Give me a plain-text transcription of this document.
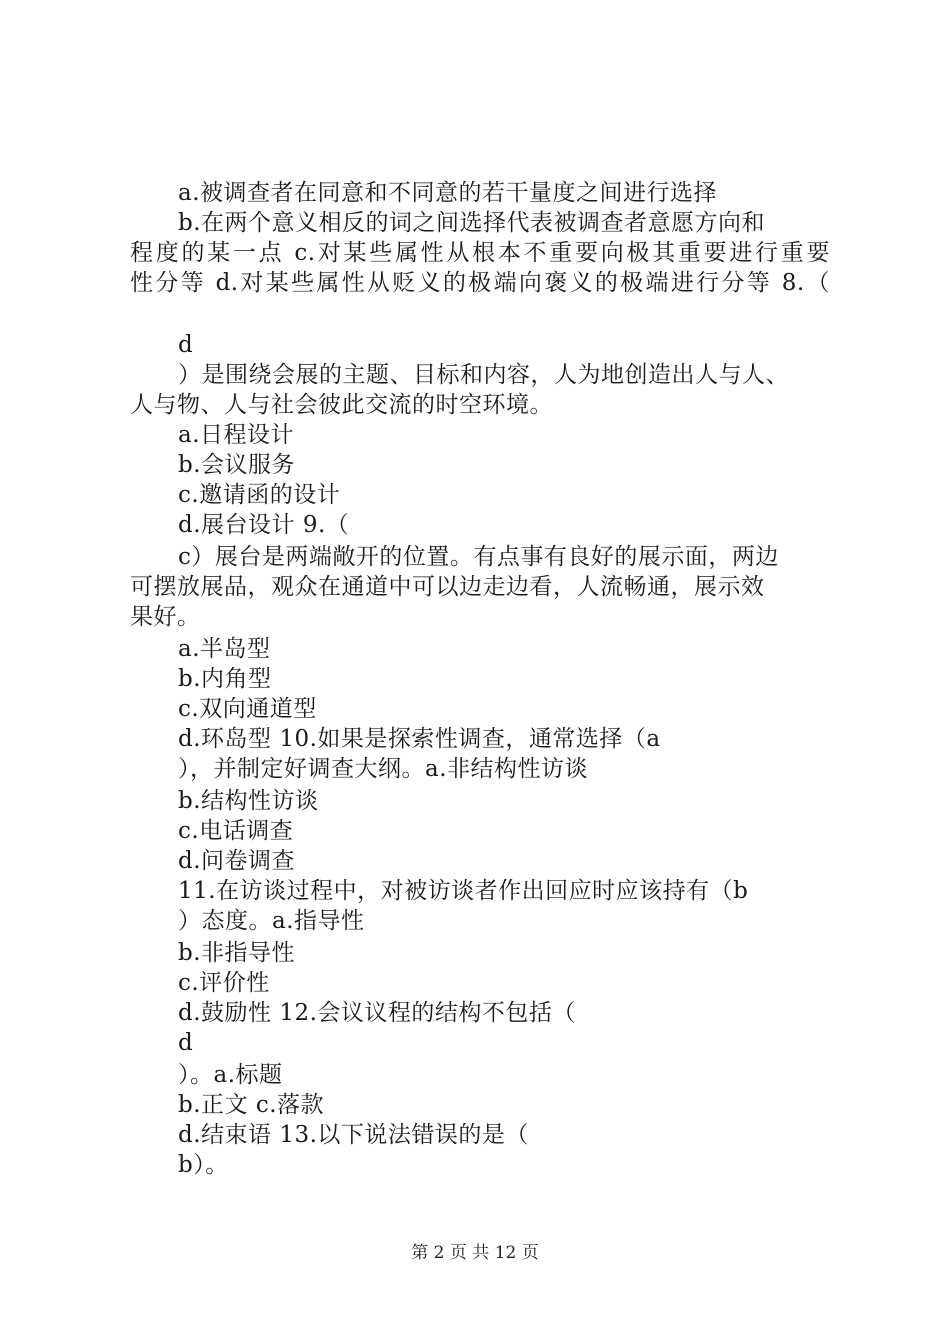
a.被调查者在同意和不同意的若干量度之间进行选择
b.在两个意义相反的词之间选择代表被调查者意愿方向和
程度的某一点 c.对某些属性从根本不重要向极其重要进行重要
性分等 d.对某些属性从贬义的极端向褒义的极端进行分等 8.（
d
）是围绕会展的主题、目标和内容，人为地创造出人与人、
人与物、人与社会彼此交流的时空环境。
a.日程设计
b.会议服务
c.邀请函的设计
d.展台设计 9.（
c）展台是两端敞开的位置。有点事有良好的展示面，两边
可摆放展品，观众在通道中可以边走边看，人流畅通，展示效
果好。
a.半岛型
b.内角型
c.双向通道型
d.环岛型 10.如果是探索性调查，通常选择（a
），并制定好调查大纲。a.非结构性访谈
b.结构性访谈
c.电话调查
d.问卷调查
11.在访谈过程中，对被访谈者作出回应时应该持有（b
）态度。a.指导性
b.非指导性
c.评价性
d.鼓励性 12.会议议程的结构不包括（
d
）。a.标题
b.正文 c.落款
d.结束语 13.以下说法错误的是（
b）。
第 2 页 共 12 页
